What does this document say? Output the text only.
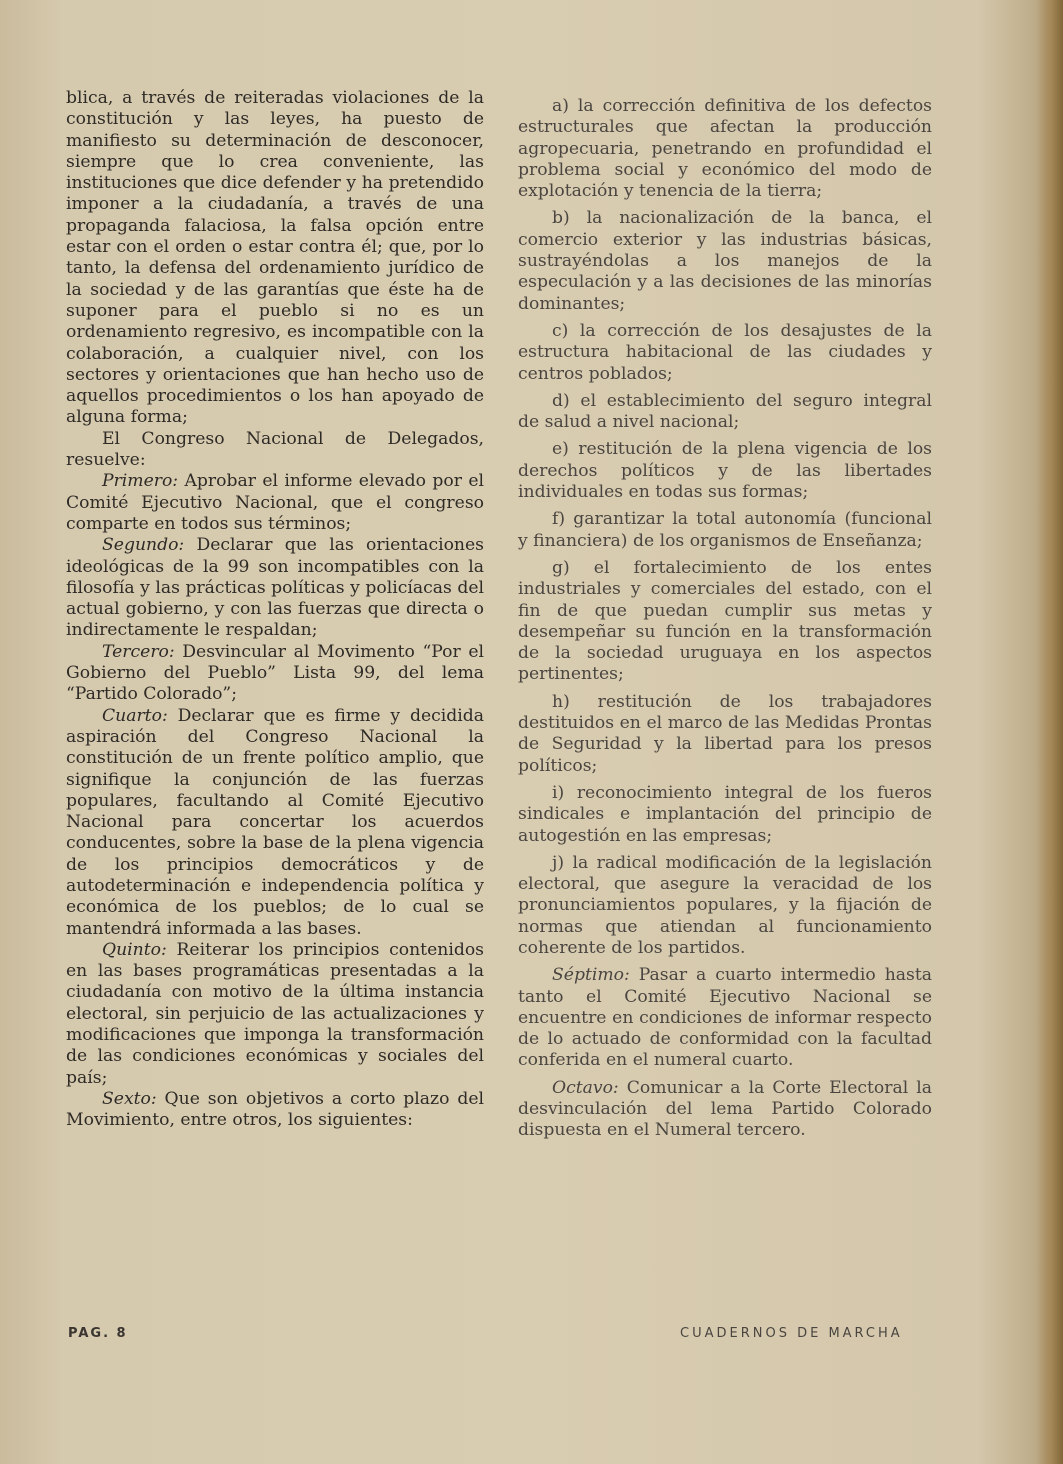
blica, a través de reiteradas violaciones de la constitución y las leyes, ha puesto de manifiesto su determinación de desconocer, siempre que lo crea conveniente, las instituciones que dice defender y ha pretendido imponer a la ciudadanía, a través de una propaganda falaciosa, la falsa opción entre estar con el orden o estar contra él; que, por lo tanto, la defensa del ordenamiento jurídico de la sociedad y de las garantías que éste ha de suponer para el pueblo si no es un ordenamiento regresivo, es incompatible con la colaboración, a cualquier nivel, con los sectores y orientaciones que han hecho uso de aquellos procedimientos o los han apoyado de alguna forma;

El Congreso Nacional de Delegados, resuelve:

Primero: Aprobar el informe elevado por el Comité Ejecutivo Nacional, que el congreso comparte en todos sus términos;

Segundo: Declarar que las orientaciones ideológicas de la 99 son incompatibles con la filosofía y las prácticas políticas y policíacas del actual gobierno, y con las fuerzas que directa o indirectamente le respaldan;

Tercero: Desvincular al Movimento “Por el Gobierno del Pueblo” Lista 99, del lema “Partido Colorado”;

Cuarto: Declarar que es firme y decidida aspiración del Congreso Nacional la constitución de un frente político amplio, que signifique la conjunción de las fuerzas populares, facultando al Comité Ejecutivo Nacional para concertar los acuerdos conducentes, sobre la base de la plena vigencia de los principios democráticos y de autodeterminación e independencia política y económica de los pueblos; de lo cual se mantendrá informada a las bases.

Quinto: Reiterar los principios contenidos en las bases programáticas presentadas a la ciudadanía con motivo de la última instancia electoral, sin perjuicio de las actualizaciones y modificaciones que imponga la transformación de las condiciones económicas y sociales del país;

Sexto: Que son objetivos a corto plazo del Movimiento, entre otros, los siguientes:

a) la corrección definitiva de los defectos estructurales que afectan la producción agropecuaria, penetrando en profundidad el problema social y económico del modo de explotación y tenencia de la tierra;

b) la nacionalización de la banca, el comercio exterior y las industrias básicas, sustrayéndolas a los manejos de la especulación y a las decisiones de las minorías dominantes;

c) la corrección de los desajustes de la estructura habitacional de las ciudades y centros poblados;

d) el establecimiento del seguro integral de salud a nivel nacional;

e) restitución de la plena vigencia de los derechos políticos y de las libertades individuales en todas sus formas;

f) garantizar la total autonomía (funcional y financiera) de los organismos de Enseñanza;

g) el fortalecimiento de los entes industriales y comerciales del estado, con el fin de que puedan cumplir sus metas y desempeñar su función en la transformación de la sociedad uruguaya en los aspectos pertinentes;

h) restitución de los trabajadores destituidos en el marco de las Medidas Prontas de Seguridad y la libertad para los presos políticos;

i) reconocimiento integral de los fueros sindicales e implantación del principio de autogestión en las empresas;

j) la radical modificación de la legislación electoral, que asegure la veracidad de los pronunciamientos populares, y la fijación de normas que atiendan al funcionamiento coherente de los partidos.

Séptimo: Pasar a cuarto intermedio hasta tanto el Comité Ejecutivo Nacional se encuentre en condiciones de informar respecto de lo actuado de conformidad con la facultad conferida en el numeral cuarto.

Octavo: Comunicar a la Corte Electoral la desvinculación del lema Partido Colorado dispuesta en el Numeral tercero.

PAG. 8	CUADERNOS DE MARCHA
